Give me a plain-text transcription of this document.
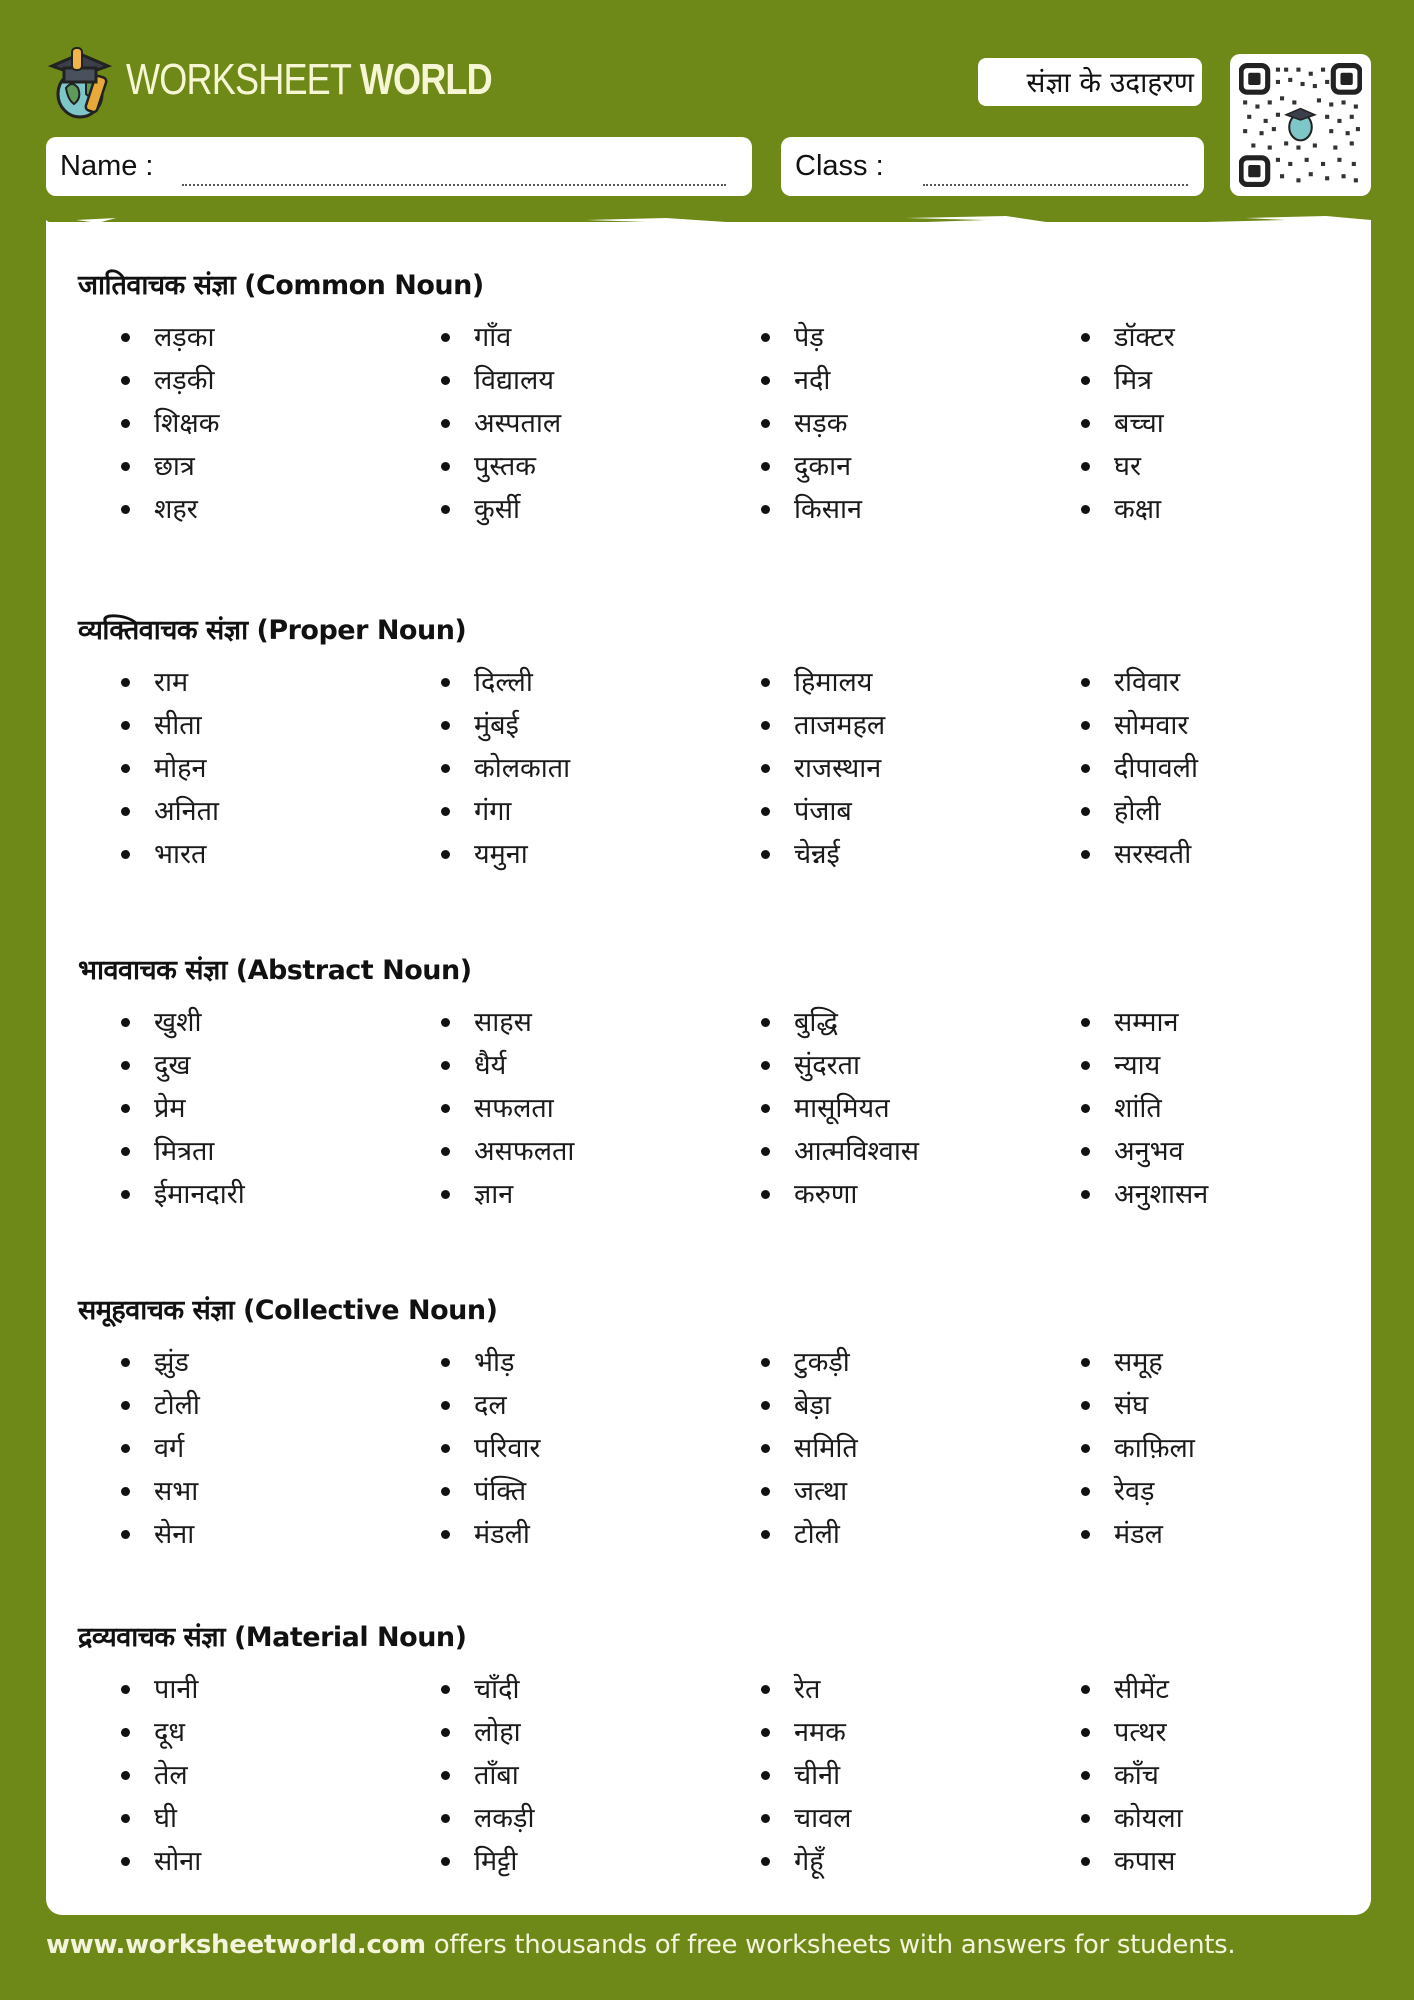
WORKSHEET WORLD	संज्ञा के उदाहरण
Name :	Class :
जातिवाचक संज्ञा (Common Noun)
लड़का
लड़की
शिक्षक
छात्र
शहर
गाँव
विद्यालय
अस्पताल
पुस्तक
कुर्सी
पेड़
नदी
सड़क
दुकान
किसान
डॉक्टर
मित्र
बच्चा
घर
कक्षा
व्यक्तिवाचक संज्ञा (Proper Noun)
राम
सीता
मोहन
अनिता
भारत
दिल्ली
मुंबई
कोलकाता
गंगा
यमुना
हिमालय
ताजमहल
राजस्थान
पंजाब
चेन्नई
रविवार
सोमवार
दीपावली
होली
सरस्वती
भाववाचक संज्ञा (Abstract Noun)
खुशी
दुख
प्रेम
मित्रता
ईमानदारी
साहस
धैर्य
सफलता
असफलता
ज्ञान
बुद्धि
सुंदरता
मासूमियत
आत्मविश्वास
करुणा
सम्मान
न्याय
शांति
अनुभव
अनुशासन
समूहवाचक संज्ञा (Collective Noun)
झुंड
टोली
वर्ग
सभा
सेना
भीड़
दल
परिवार
पंक्ति
मंडली
टुकड़ी
बेड़ा
समिति
जत्था
टोली
समूह
संघ
काफ़िला
रेवड़
मंडल
द्रव्यवाचक संज्ञा (Material Noun)
पानी
दूध
तेल
घी
सोना
चाँदी
लोहा
ताँबा
लकड़ी
मिट्टी
रेत
नमक
चीनी
चावल
गेहूँ
सीमेंट
पत्थर
काँच
कोयला
कपास
www.worksheetworld.com offers thousands of free worksheets with answers for students.
